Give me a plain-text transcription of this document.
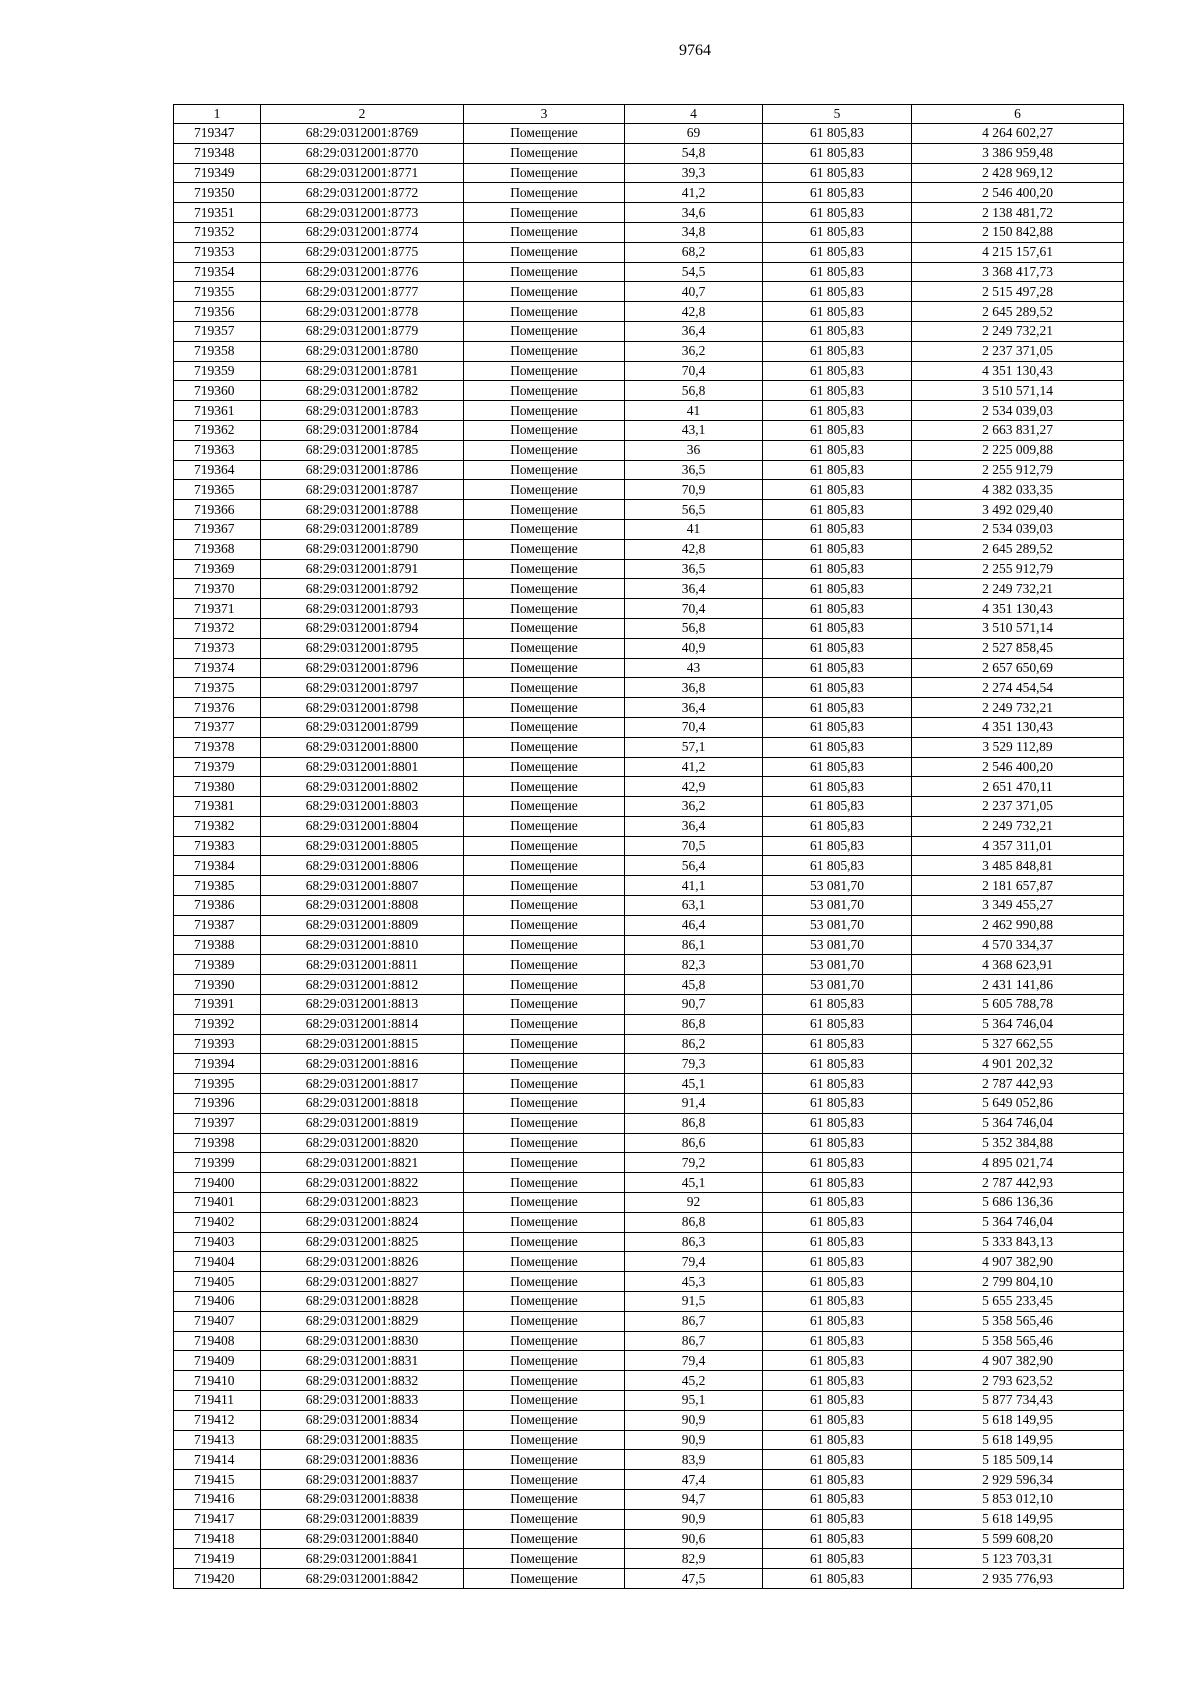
9764
1	2	3	4	5	6
719347	68:29:0312001:8769	Помещение	69	61 805,83	4 264 602,27
719348	68:29:0312001:8770	Помещение	54,8	61 805,83	3 386 959,48
719349	68:29:0312001:8771	Помещение	39,3	61 805,83	2 428 969,12
719350	68:29:0312001:8772	Помещение	41,2	61 805,83	2 546 400,20
719351	68:29:0312001:8773	Помещение	34,6	61 805,83	2 138 481,72
719352	68:29:0312001:8774	Помещение	34,8	61 805,83	2 150 842,88
719353	68:29:0312001:8775	Помещение	68,2	61 805,83	4 215 157,61
719354	68:29:0312001:8776	Помещение	54,5	61 805,83	3 368 417,73
719355	68:29:0312001:8777	Помещение	40,7	61 805,83	2 515 497,28
719356	68:29:0312001:8778	Помещение	42,8	61 805,83	2 645 289,52
719357	68:29:0312001:8779	Помещение	36,4	61 805,83	2 249 732,21
719358	68:29:0312001:8780	Помещение	36,2	61 805,83	2 237 371,05
719359	68:29:0312001:8781	Помещение	70,4	61 805,83	4 351 130,43
719360	68:29:0312001:8782	Помещение	56,8	61 805,83	3 510 571,14
719361	68:29:0312001:8783	Помещение	41	61 805,83	2 534 039,03
719362	68:29:0312001:8784	Помещение	43,1	61 805,83	2 663 831,27
719363	68:29:0312001:8785	Помещение	36	61 805,83	2 225 009,88
719364	68:29:0312001:8786	Помещение	36,5	61 805,83	2 255 912,79
719365	68:29:0312001:8787	Помещение	70,9	61 805,83	4 382 033,35
719366	68:29:0312001:8788	Помещение	56,5	61 805,83	3 492 029,40
719367	68:29:0312001:8789	Помещение	41	61 805,83	2 534 039,03
719368	68:29:0312001:8790	Помещение	42,8	61 805,83	2 645 289,52
719369	68:29:0312001:8791	Помещение	36,5	61 805,83	2 255 912,79
719370	68:29:0312001:8792	Помещение	36,4	61 805,83	2 249 732,21
719371	68:29:0312001:8793	Помещение	70,4	61 805,83	4 351 130,43
719372	68:29:0312001:8794	Помещение	56,8	61 805,83	3 510 571,14
719373	68:29:0312001:8795	Помещение	40,9	61 805,83	2 527 858,45
719374	68:29:0312001:8796	Помещение	43	61 805,83	2 657 650,69
719375	68:29:0312001:8797	Помещение	36,8	61 805,83	2 274 454,54
719376	68:29:0312001:8798	Помещение	36,4	61 805,83	2 249 732,21
719377	68:29:0312001:8799	Помещение	70,4	61 805,83	4 351 130,43
719378	68:29:0312001:8800	Помещение	57,1	61 805,83	3 529 112,89
719379	68:29:0312001:8801	Помещение	41,2	61 805,83	2 546 400,20
719380	68:29:0312001:8802	Помещение	42,9	61 805,83	2 651 470,11
719381	68:29:0312001:8803	Помещение	36,2	61 805,83	2 237 371,05
719382	68:29:0312001:8804	Помещение	36,4	61 805,83	2 249 732,21
719383	68:29:0312001:8805	Помещение	70,5	61 805,83	4 357 311,01
719384	68:29:0312001:8806	Помещение	56,4	61 805,83	3 485 848,81
719385	68:29:0312001:8807	Помещение	41,1	53 081,70	2 181 657,87
719386	68:29:0312001:8808	Помещение	63,1	53 081,70	3 349 455,27
719387	68:29:0312001:8809	Помещение	46,4	53 081,70	2 462 990,88
719388	68:29:0312001:8810	Помещение	86,1	53 081,70	4 570 334,37
719389	68:29:0312001:8811	Помещение	82,3	53 081,70	4 368 623,91
719390	68:29:0312001:8812	Помещение	45,8	53 081,70	2 431 141,86
719391	68:29:0312001:8813	Помещение	90,7	61 805,83	5 605 788,78
719392	68:29:0312001:8814	Помещение	86,8	61 805,83	5 364 746,04
719393	68:29:0312001:8815	Помещение	86,2	61 805,83	5 327 662,55
719394	68:29:0312001:8816	Помещение	79,3	61 805,83	4 901 202,32
719395	68:29:0312001:8817	Помещение	45,1	61 805,83	2 787 442,93
719396	68:29:0312001:8818	Помещение	91,4	61 805,83	5 649 052,86
719397	68:29:0312001:8819	Помещение	86,8	61 805,83	5 364 746,04
719398	68:29:0312001:8820	Помещение	86,6	61 805,83	5 352 384,88
719399	68:29:0312001:8821	Помещение	79,2	61 805,83	4 895 021,74
719400	68:29:0312001:8822	Помещение	45,1	61 805,83	2 787 442,93
719401	68:29:0312001:8823	Помещение	92	61 805,83	5 686 136,36
719402	68:29:0312001:8824	Помещение	86,8	61 805,83	5 364 746,04
719403	68:29:0312001:8825	Помещение	86,3	61 805,83	5 333 843,13
719404	68:29:0312001:8826	Помещение	79,4	61 805,83	4 907 382,90
719405	68:29:0312001:8827	Помещение	45,3	61 805,83	2 799 804,10
719406	68:29:0312001:8828	Помещение	91,5	61 805,83	5 655 233,45
719407	68:29:0312001:8829	Помещение	86,7	61 805,83	5 358 565,46
719408	68:29:0312001:8830	Помещение	86,7	61 805,83	5 358 565,46
719409	68:29:0312001:8831	Помещение	79,4	61 805,83	4 907 382,90
719410	68:29:0312001:8832	Помещение	45,2	61 805,83	2 793 623,52
719411	68:29:0312001:8833	Помещение	95,1	61 805,83	5 877 734,43
719412	68:29:0312001:8834	Помещение	90,9	61 805,83	5 618 149,95
719413	68:29:0312001:8835	Помещение	90,9	61 805,83	5 618 149,95
719414	68:29:0312001:8836	Помещение	83,9	61 805,83	5 185 509,14
719415	68:29:0312001:8837	Помещение	47,4	61 805,83	2 929 596,34
719416	68:29:0312001:8838	Помещение	94,7	61 805,83	5 853 012,10
719417	68:29:0312001:8839	Помещение	90,9	61 805,83	5 618 149,95
719418	68:29:0312001:8840	Помещение	90,6	61 805,83	5 599 608,20
719419	68:29:0312001:8841	Помещение	82,9	61 805,83	5 123 703,31
719420	68:29:0312001:8842	Помещение	47,5	61 805,83	2 935 776,93
